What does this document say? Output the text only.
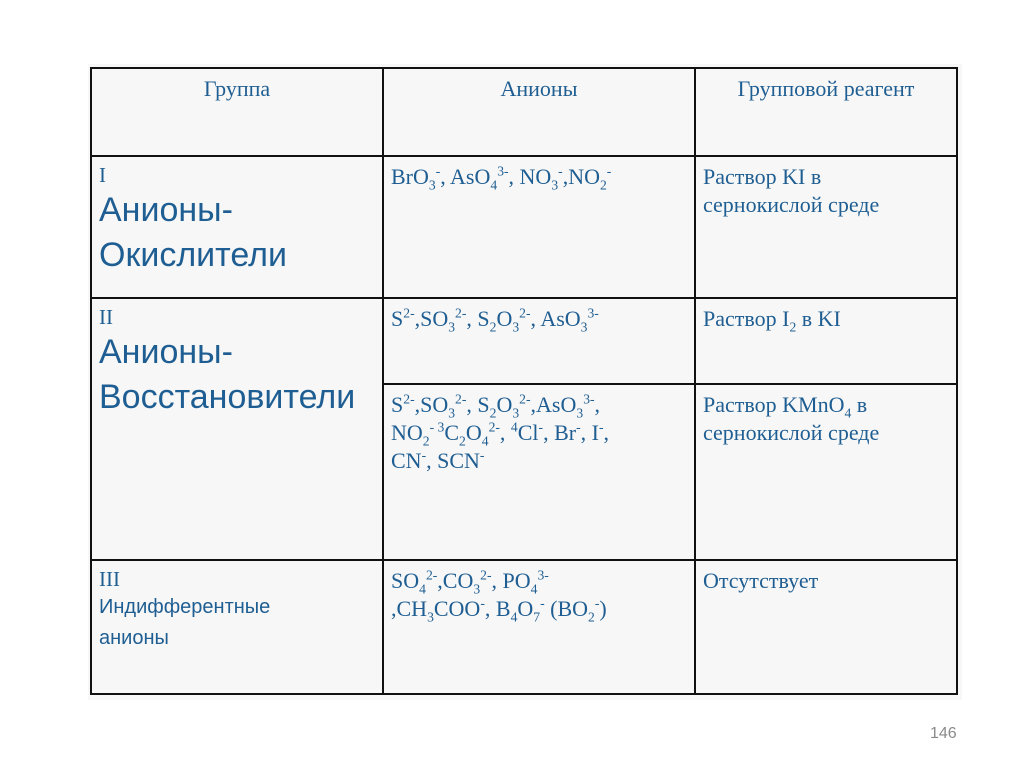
Группа	Анионы	Групповой реагент

I
Анионы-Окислители	BrO$_3$-, AsO$_4^{3-}$, $NO_3^-,NO_2^-$	Раствор KI в
сернокислой среде

II
Анионы-Восстановители	$S^{2-},SO_3^{2-}$, $S_2O_3^{2-}$, AsO$_3^{3-}$	Раствор $I_2$ в KI
	$S^{2-},SO_3^{2-}$, $S_2O_3^{2-},AsO_3^{3-}$,
$NO_2^{- 3}C_2O_4^{2-}$, $^4$Cl-, Br-, I-,
CN-, SCN-	Раствор KMnO$_4$ в
сернокислой среде

III
Индифферентные анионы	$SO_4^{2-},CO_3^{2-}$, $PO_4^{3-}$
$,CH_3COO^-$, $B_4O_7^-$ $(BO_2^-)$	Отсутствует
146
